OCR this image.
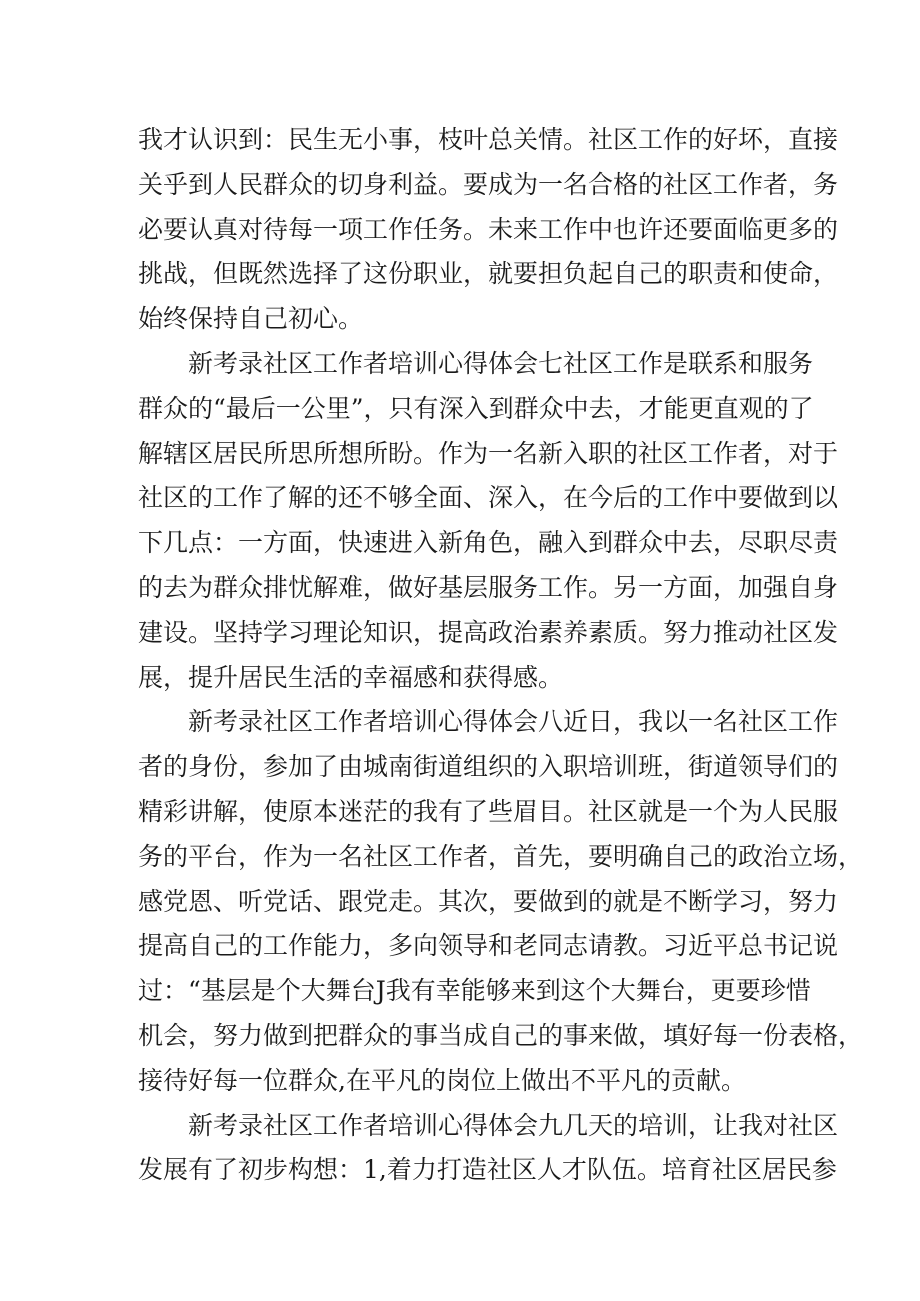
我才认识到：民生无小事，枝叶总关情。社区工作的好坏，直接
关乎到人民群众的切身利益。要成为一名合格的社区工作者，务
必要认真对待每一项工作任务。未来工作中也许还要面临更多的
挑战，但既然选择了这份职业，就要担负起自己的职责和使命，
始终保持自己初心。
新考录社区工作者培训心得体会七社区工作是联系和服务
群众的“最后一公里”，只有深入到群众中去，才能更直观的了
解辖区居民所思所想所盼。作为一名新入职的社区工作者，对于
社区的工作了解的还不够全面、深入，在今后的工作中要做到以
下几点：一方面，快速进入新角色，融入到群众中去，尽职尽责
的去为群众排忧解难，做好基层服务工作。另一方面，加强自身
建设。坚持学习理论知识，提高政治素养素质。努力推动社区发
展，提升居民生活的幸福感和获得感。
新考录社区工作者培训心得体会八近日，我以一名社区工作
者的身份，参加了由城南街道组织的入职培训班，街道领导们的
精彩讲解，使原本迷茫的我有了些眉目。社区就是一个为人民服
务的平台，作为一名社区工作者，首先，要明确自己的政治立场，
感党恩、听党话、跟党走。其次，要做到的就是不断学习，努力
提高自己的工作能力，多向领导和老同志请教。习近平总书记说
过：“基层是个大舞台J我有幸能够来到这个大舞台，更要珍惜
机会，努力做到把群众的事当成自己的事来做，填好每一份表格，
接待好每一位群众,在平凡的岗位上做出不平凡的贡献。
新考录社区工作者培训心得体会九几天的培训，让我对社区
发展有了初步构想：1,着力打造社区人才队伍。培育社区居民参
